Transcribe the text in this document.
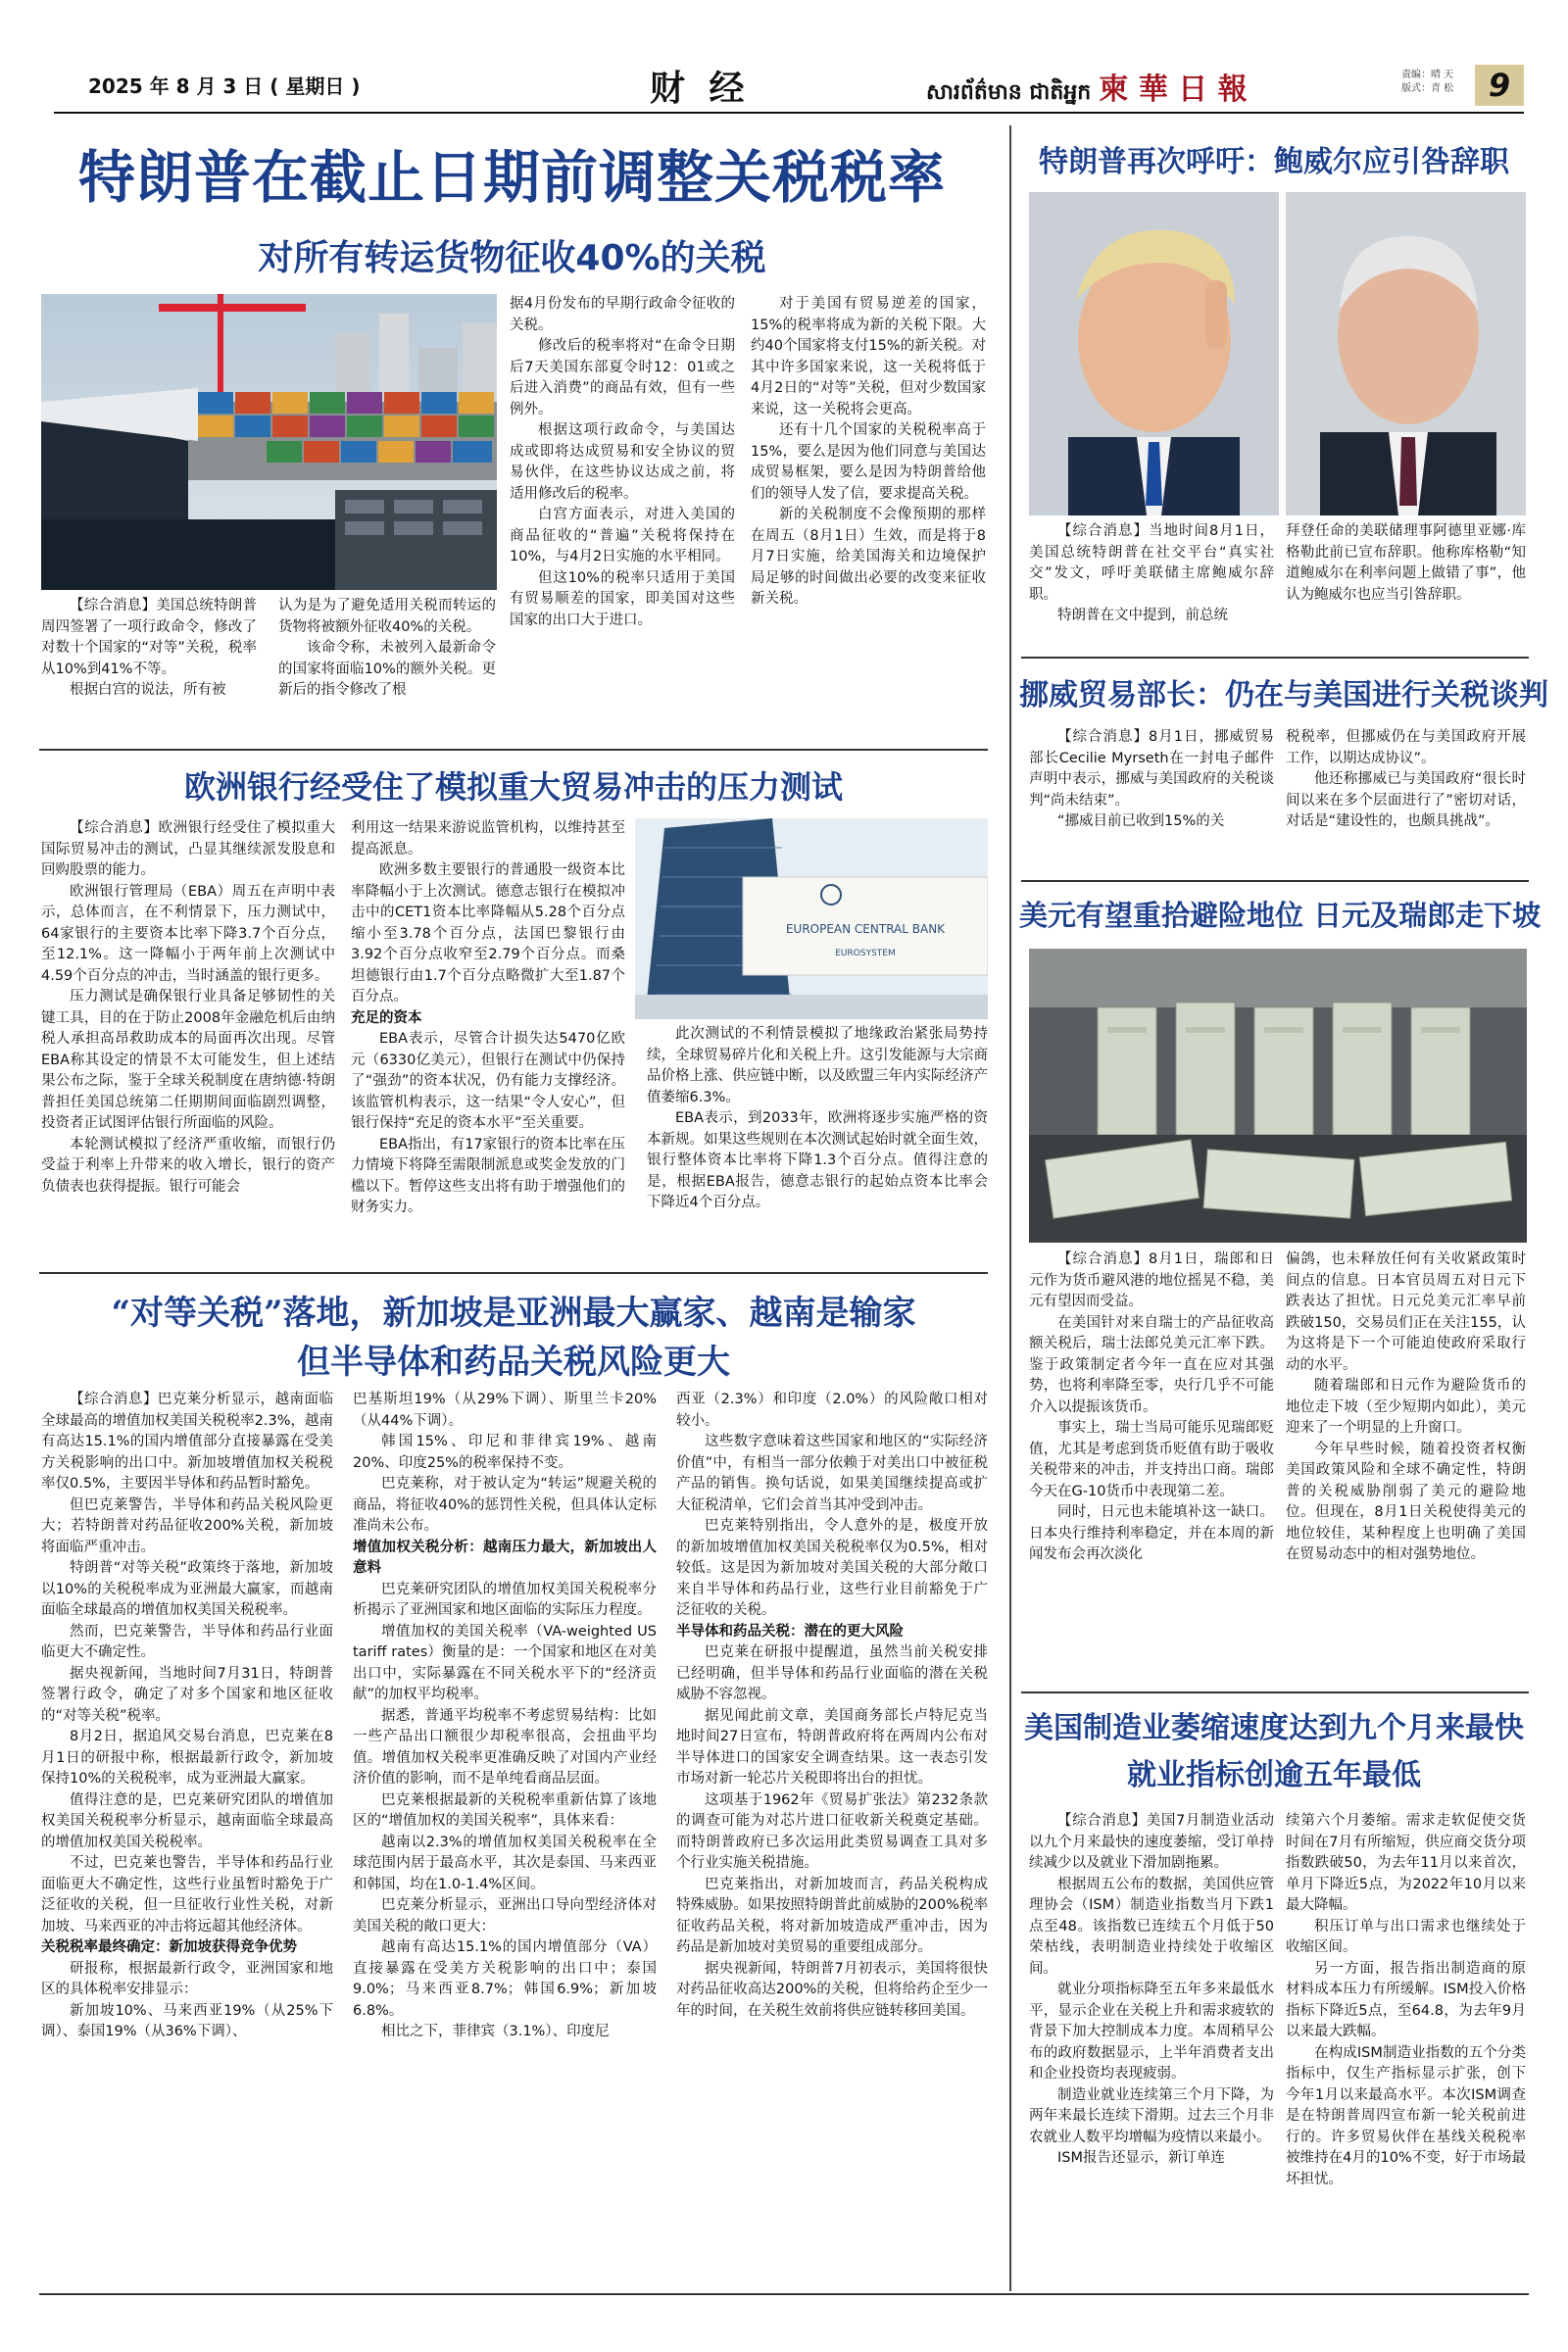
2025 年 8 月 3 日 ( 星期日 )	财 经	សារព័ត៌មាន ជាតិអ្នក 柬 華 日 報	责编：晴 天
版式：青 松	9
特朗普在截止日期前调整关税税率
对所有转运货物征收40%的关税

【综合消息】美国总统特朗普周四签署了一项行政命令，修改了对数十个国家的“对等”关税，税率从10%到41%不等。

根据白宫的说法，所有被

认为是为了避免适用关税而转运的货物将被额外征收40%的关税。

该命令称，未被列入最新命令的国家将面临10%的额外关税。更新后的指令修改了根

据4月份发布的早期行政命令征收的关税。

修改后的税率将对“在命令日期后7天美国东部夏令时12：01或之后进入消费”的商品有效，但有一些例外。

根据这项行政命令，与美国达成或即将达成贸易和安全协议的贸易伙伴，在这些协议达成之前，将适用修改后的税率。

白宫方面表示，对进入美国的商品征收的“普遍”关税将保持在10%，与4月2日实施的水平相同。

但这10%的税率只适用于美国有贸易顺差的国家，即美国对这些国家的出口大于进口。

对于美国有贸易逆差的国家，15%的税率将成为新的关税下限。大约40个国家将支付15%的新关税。对其中许多国家来说，这一关税将低于4月2日的“对等”关税，但对少数国家来说，这一关税将会更高。

还有十几个国家的关税税率高于15%，要么是因为他们同意与美国达成贸易框架，要么是因为特朗普给他们的领导人发了信，要求提高关税。

新的关税制度不会像预期的那样在周五（8月1日）生效，而是将于8月7日实施，给美国海关和边境保护局足够的时间做出必要的改变来征收新关税。

欧洲银行经受住了模拟重大贸易冲击的压力测试

【综合消息】欧洲银行经受住了模拟重大国际贸易冲击的测试，凸显其继续派发股息和回购股票的能力。

欧洲银行管理局（EBA）周五在声明中表示，总体而言，在不利情景下，压力测试中，64家银行的主要资本比率下降3.7个百分点，至12.1%。这一降幅小于两年前上次测试中4.59个百分点的冲击，当时涵盖的银行更多。

压力测试是确保银行业具备足够韧性的关键工具，目的在于防止2008年金融危机后由纳税人承担高昂救助成本的局面再次出现。尽管EBA称其设定的情景不太可能发生，但上述结果公布之际，鉴于全球关税制度在唐纳德·特朗普担任美国总统第二任期期间面临剧烈调整，投资者正试图评估银行所面临的风险。

本轮测试模拟了经济严重收缩，而银行仍受益于利率上升带来的收入增长，银行的资产负债表也获得提振。银行可能会

利用这一结果来游说监管机构，以维持甚至提高派息。

欧洲多数主要银行的普通股一级资本比率降幅小于上次测试。德意志银行在模拟冲击中的CET1资本比率降幅从5.28个百分点缩小至3.78个百分点，法国巴黎银行由3.92个百分点收窄至2.79个百分点。而桑坦德银行由1.7个百分点略微扩大至1.87个百分点。

充足的资本

EBA表示，尽管合计损失达5470亿欧元（6330亿美元），但银行在测试中仍保持了“强劲”的资本状况，仍有能力支撑经济。该监管机构表示，这一结果“令人安心”，但银行保持“充足的资本水平”至关重要。

EBA指出，有17家银行的资本比率在压力情境下将降至需限制派息或奖金发放的门槛以下。暂停这些支出将有助于增强他们的财务实力。

EUROPEAN CENTRAL BANK
EUROSYSTEM

此次测试的不利情景模拟了地缘政治紧张局势持续，全球贸易碎片化和关税上升。这引发能源与大宗商品价格上涨、供应链中断，以及欧盟三年内实际经济产值萎缩6.3%。

EBA表示，到2033年，欧洲将逐步实施严格的资本新规。如果这些规则在本次测试起始时就全面生效，银行整体资本比率将下降1.3个百分点。值得注意的是，根据EBA报告，德意志银行的起始点资本比率会下降近4个百分点。

“对等关税”落地，新加坡是亚洲最大赢家、越南是输家
但半导体和药品关税风险更大

【综合消息】巴克莱分析显示，越南面临全球最高的增值加权美国关税税率2.3%，越南有高达15.1%的国内增值部分直接暴露在受美方关税影响的出口中。新加坡增值加权关税税率仅0.5%，主要因半导体和药品暂时豁免。

但巴克莱警告，半导体和药品关税风险更大；若特朗普对药品征收200%关税，新加坡将面临严重冲击。

特朗普“对等关税”政策终于落地，新加坡以10%的关税税率成为亚洲最大赢家，而越南面临全球最高的增值加权美国关税税率。

然而，巴克莱警告，半导体和药品行业面临更大不确定性。

据央视新闻，当地时间7月31日，特朗普签署行政令，确定了对多个国家和地区征收的“对等关税”税率。

8月2日，据追风交易台消息，巴克莱在8月1日的研报中称，根据最新行政令，新加坡保持10%的关税税率，成为亚洲最大赢家。

值得注意的是，巴克莱研究团队的增值加权美国关税税率分析显示，越南面临全球最高的增值加权美国关税税率。

不过，巴克莱也警告，半导体和药品行业面临更大不确定性，这些行业虽暂时豁免于广泛征收的关税，但一旦征收行业性关税，对新加坡、马来西亚的冲击将远超其他经济体。

关税税率最终确定：新加坡获得竞争优势

研报称，根据最新行政令，亚洲国家和地区的具体税率安排显示：

新加坡10%、马来西亚19%（从25%下调）、泰国19%（从36%下调）、

巴基斯坦19%（从29%下调）、斯里兰卡20%（从44%下调）。

韩国15%、印尼和菲律宾19%、越南20%、印度25%的税率保持不变。

巴克莱称，对于被认定为“转运”规避关税的商品，将征收40%的惩罚性关税，但具体认定标准尚未公布。

增值加权关税分析：越南压力最大，新加坡出人意料

巴克莱研究团队的增值加权美国关税税率分析揭示了亚洲国家和地区面临的实际压力程度。

增值加权的美国关税率（VA-weighted US tariff rates）衡量的是：一个国家和地区在对美出口中，实际暴露在不同关税水平下的“经济贡献”的加权平均税率。

据悉，普通平均税率不考虑贸易结构：比如一些产品出口额很少却税率很高，会扭曲平均值。增值加权关税率更准确反映了对国内产业经济价值的影响，而不是单纯看商品层面。

巴克莱根据最新的关税税率重新估算了该地区的“增值加权的美国关税率”，具体来看：

越南以2.3%的增值加权美国关税税率在全球范围内居于最高水平，其次是泰国、马来西亚和韩国，均在1.0-1.4%区间。

巴克莱分析显示，亚洲出口导向型经济体对美国关税的敞口更大：

越南有高达15.1%的国内增值部分（VA）直接暴露在受美方关税影响的出口中；泰国9.0%；马来西亚8.7%；韩国6.9%；新加坡6.8%。

相比之下，菲律宾（3.1%）、印度尼

西亚（2.3%）和印度（2.0%）的风险敞口相对较小。

这些数字意味着这些国家和地区的“实际经济价值”中，有相当一部分依赖于对美出口中被征税产品的销售。换句话说，如果美国继续提高或扩大征税清单，它们会首当其冲受到冲击。

巴克莱特别指出，令人意外的是，极度开放的新加坡增值加权美国关税税率仅为0.5%，相对较低。这是因为新加坡对美国关税的大部分敞口来自半导体和药品行业，这些行业目前豁免于广泛征收的关税。

半导体和药品关税：潜在的更大风险

巴克莱在研报中提醒道，虽然当前关税安排已经明确，但半导体和药品行业面临的潜在关税威胁不容忽视。

据见闻此前文章，美国商务部长卢特尼克当地时间27日宣布，特朗普政府将在两周内公布对半导体进口的国家安全调查结果。这一表态引发市场对新一轮芯片关税即将出台的担忧。

这项基于1962年《贸易扩张法》第232条款的调查可能为对芯片进口征收新关税奠定基础。而特朗普政府已多次运用此类贸易调查工具对多个行业实施关税措施。

巴克莱指出，对新加坡而言，药品关税构成特殊威胁。如果按照特朗普此前威胁的200%税率征收药品关税，将对新加坡造成严重冲击，因为药品是新加坡对美贸易的重要组成部分。

据央视新闻，特朗普7月初表示，美国将很快对药品征收高达200%的关税，但将给药企至少一年的时间，在关税生效前将供应链转移回美国。

特朗普再次呼吁：鲍威尔应引咎辞职

【综合消息】当地时间8月1日，美国总统特朗普在社交平台“真实社交”发文，呼吁美联储主席鲍威尔辞职。

特朗普在文中提到，前总统

拜登任命的美联储理事阿德里亚娜·库格勒此前已宣布辞职。他称库格勒“知道鲍威尔在利率问题上做错了事”，他认为鲍威尔也应当引咎辞职。

挪威贸易部长：仍在与美国进行关税谈判

【综合消息】8月1日，挪威贸易部长Cecilie Myrseth在一封电子邮件声明中表示，挪威与美国政府的关税谈判“尚未结束”。

“挪威目前已收到15%的关

税税率，但挪威仍在与美国政府开展工作，以期达成协议”。

他还称挪威已与美国政府“很长时间以来在多个层面进行了”密切对话，对话是“建设性的，也颇具挑战”。

美元有望重拾避险地位 日元及瑞郎走下坡

【综合消息】8月1日，瑞郎和日元作为货币避风港的地位摇晃不稳，美元有望因而受益。

在美国针对来自瑞士的产品征收高额关税后，瑞士法郎兑美元汇率下跌。鉴于政策制定者今年一直在应对其强势，也将利率降至零，央行几乎不可能介入以提振该货币。

事实上，瑞士当局可能乐见瑞郎贬值，尤其是考虑到货币贬值有助于吸收关税带来的冲击，并支持出口商。瑞郎今天在G-10货币中表现第二差。

同时，日元也未能填补这一缺口。日本央行维持利率稳定，并在本周的新闻发布会再次淡化

偏鸽，也未释放任何有关收紧政策时间点的信息。日本官员周五对日元下跌表达了担忧。日元兑美元汇率早前跌破150，交易员们正在关注155，认为这将是下一个可能迫使政府采取行动的水平。

随着瑞郎和日元作为避险货币的地位走下坡（至少短期内如此），美元迎来了一个明显的上升窗口。

今年早些时候，随着投资者权衡美国政策风险和全球不确定性，特朗普的关税威胁削弱了美元的避险地位。但现在，8月1日关税使得美元的地位较佳，某种程度上也明确了美国在贸易动态中的相对强势地位。

美国制造业萎缩速度达到九个月来最快
就业指标创逾五年最低

【综合消息】美国7月制造业活动以九个月来最快的速度萎缩，受订单持续减少以及就业下滑加剧拖累。

根据周五公布的数据，美国供应管理协会（ISM）制造业指数当月下跌1点至48。该指数已连续五个月低于50荣枯线，表明制造业持续处于收缩区间。

就业分项指标降至五年多来最低水平，显示企业在关税上升和需求疲软的背景下加大控制成本力度。本周稍早公布的政府数据显示，上半年消费者支出和企业投资均表现疲弱。

制造业就业连续第三个月下降，为两年来最长连续下滑期。过去三个月非农就业人数平均增幅为疫情以来最小。

ISM报告还显示，新订单连

续第六个月萎缩。需求走软促使交货时间在7月有所缩短，供应商交货分项指数跌破50，为去年11月以来首次，单月下降近5点，为2022年10月以来最大降幅。

积压订单与出口需求也继续处于收缩区间。

另一方面，报告指出制造商的原材料成本压力有所缓解。ISM投入价格指标下降近5点，至64.8，为去年9月以来最大跌幅。

在构成ISM制造业指数的五个分类指标中，仅生产指标显示扩张，创下今年1月以来最高水平。本次ISM调查是在特朗普周四宣布新一轮关税前进行的。许多贸易伙伴在基线关税税率被维持在4月的10%不变，好于市场最坏担忧。
